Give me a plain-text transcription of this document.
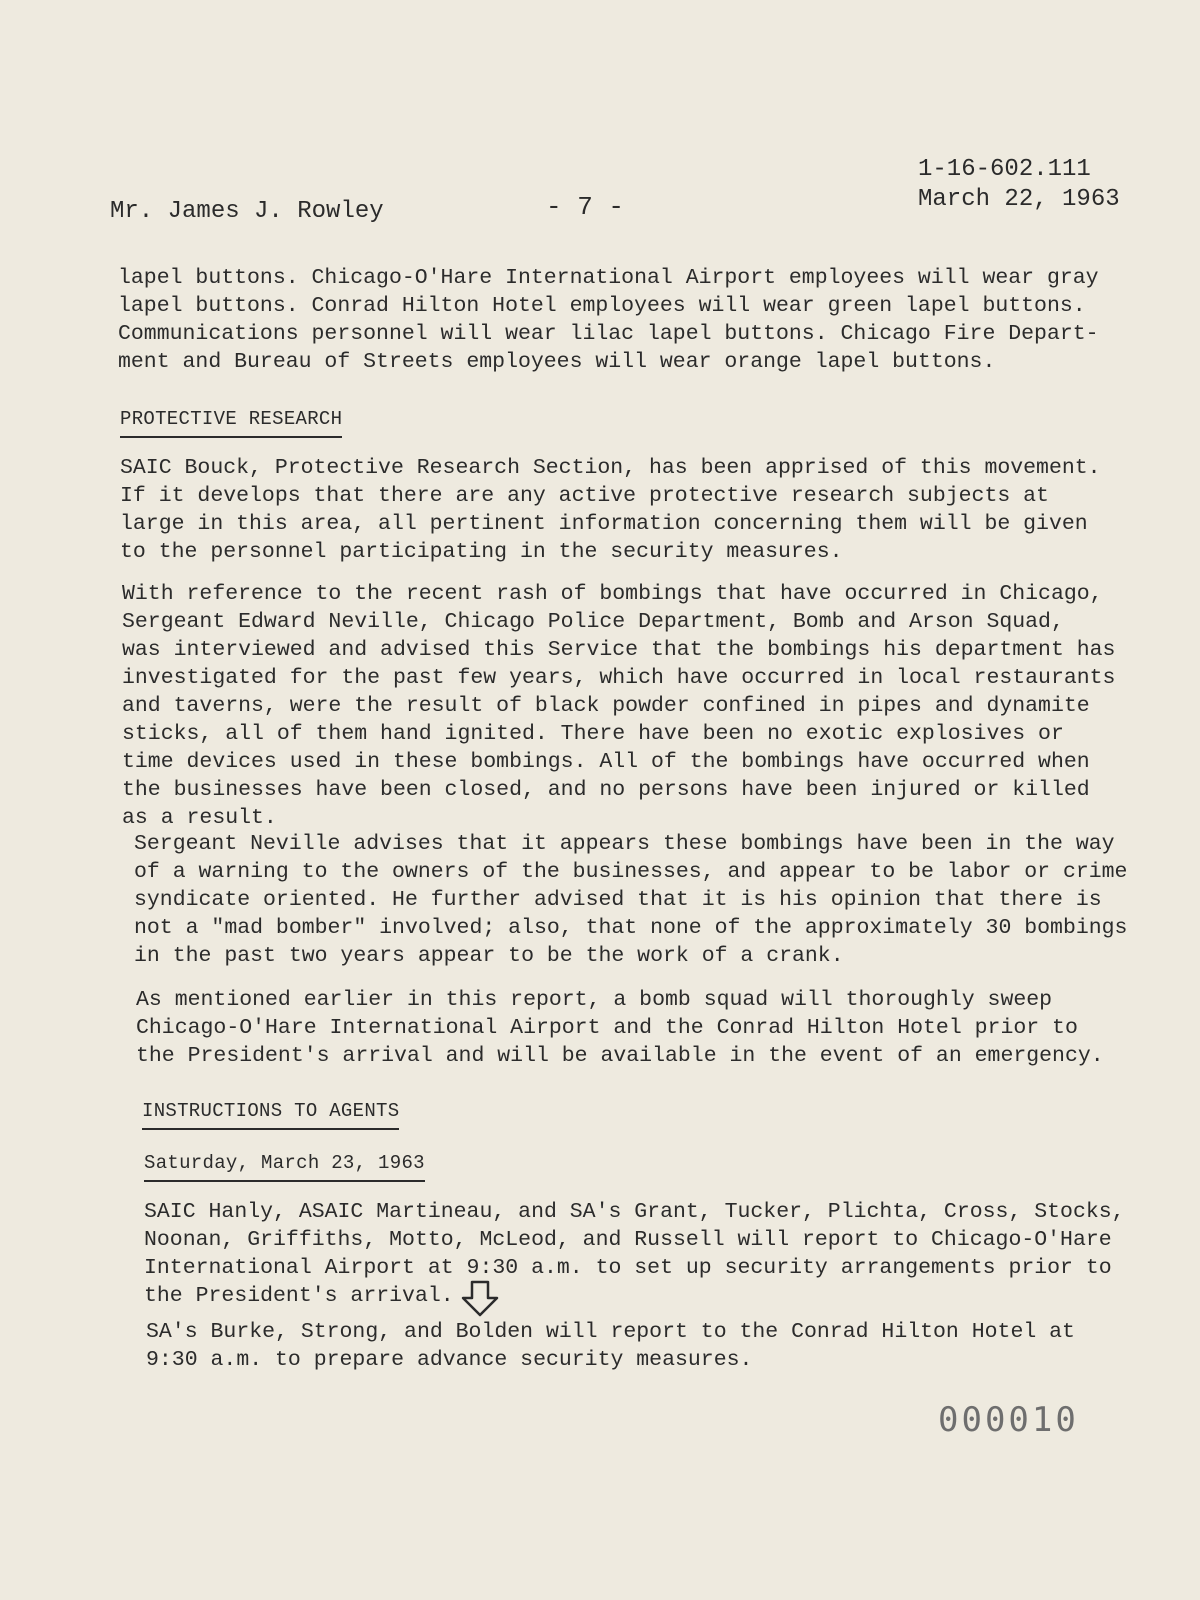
1-16-602.111
March 22, 1963
Mr. James J. Rowley	- 7 -
lapel buttons. Chicago-O'Hare International Airport employees will wear gray
lapel buttons. Conrad Hilton Hotel employees will wear green lapel buttons.
Communications personnel will wear lilac lapel buttons. Chicago Fire Depart-
ment and Bureau of Streets employees will wear orange lapel buttons.
PROTECTIVE RESEARCH
SAIC Bouck, Protective Research Section, has been apprised of this movement.
If it develops that there are any active protective research subjects at
large in this area, all pertinent information concerning them will be given
to the personnel participating in the security measures.
With reference to the recent rash of bombings that have occurred in Chicago,
Sergeant Edward Neville, Chicago Police Department, Bomb and Arson Squad,
was interviewed and advised this Service that the bombings his department has
investigated for the past few years, which have occurred in local restaurants
and taverns, were the result of black powder confined in pipes and dynamite
sticks, all of them hand ignited. There have been no exotic explosives or
time devices used in these bombings. All of the bombings have occurred when
the businesses have been closed, and no persons have been injured or killed
as a result.
Sergeant Neville advises that it appears these bombings have been in the way
of a warning to the owners of the businesses, and appear to be labor or crime
syndicate oriented. He further advised that it is his opinion that there is
not a "mad bomber" involved; also, that none of the approximately 30 bombings
in the past two years appear to be the work of a crank.
As mentioned earlier in this report, a bomb squad will thoroughly sweep
Chicago-O'Hare International Airport and the Conrad Hilton Hotel prior to
the President's arrival and will be available in the event of an emergency.
INSTRUCTIONS TO AGENTS
Saturday, March 23, 1963
SAIC Hanly, ASAIC Martineau, and SA's Grant, Tucker, Plichta, Cross, Stocks,
Noonan, Griffiths, Motto, McLeod, and Russell will report to Chicago-O'Hare
International Airport at 9:30 a.m. to set up security arrangements prior to
the President's arrival.
SA's Burke, Strong, and Bolden will report to the Conrad Hilton Hotel at
9:30 a.m. to prepare advance security measures.
000010
